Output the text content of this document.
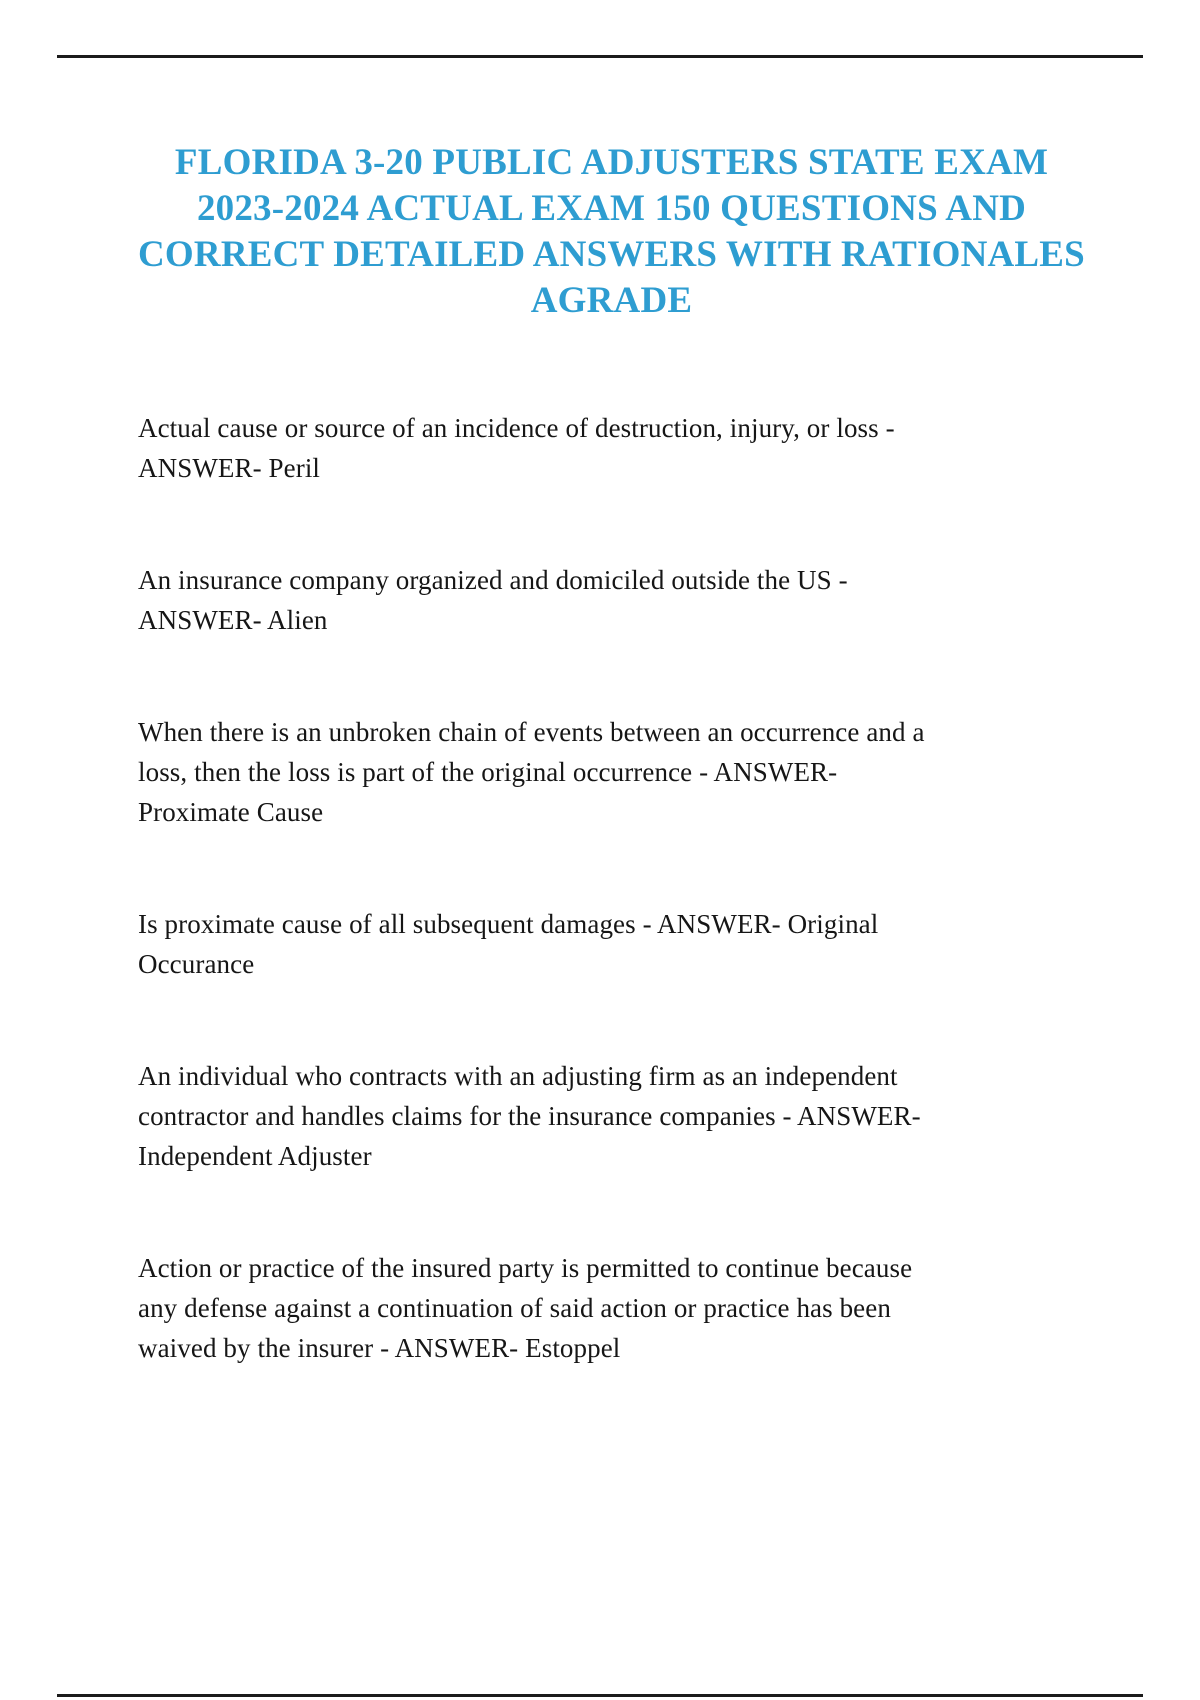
FLORIDA 3-20 PUBLIC ADJUSTERS STATE EXAM
2023-2024 ACTUAL EXAM 150 QUESTIONS AND
CORRECT DETAILED ANSWERS WITH RATIONALES
AGRADE

Actual cause or source of an incidence of destruction, injury, or loss -
ANSWER- Peril

An insurance company organized and domiciled outside the US -
ANSWER- Alien

When there is an unbroken chain of events between an occurrence and a
loss, then the loss is part of the original occurrence - ANSWER-
Proximate Cause

Is proximate cause of all subsequent damages - ANSWER- Original
Occurance

An individual who contracts with an adjusting firm as an independent
contractor and handles claims for the insurance companies - ANSWER-
Independent Adjuster

Action or practice of the insured party is permitted to continue because
any defense against a continuation of said action or practice has been
waived by the insurer - ANSWER- Estoppel
